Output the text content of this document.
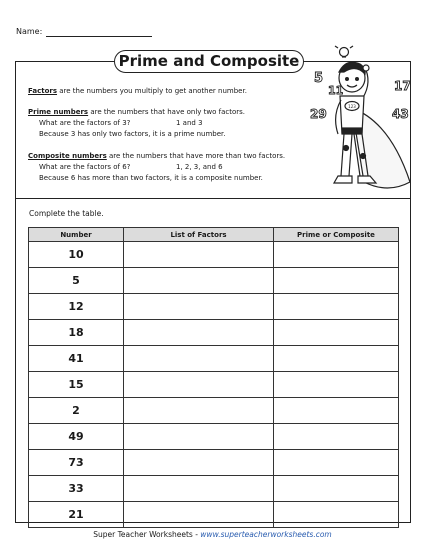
Name:
Prime and Composite
Factors are the numbers you multiply to get another number.
Prime numbers are the numbers that have only two factors.
What are the factors of 3?	1 and 3
Because 3 has only two factors, it is a prime number.
Composite numbers are the numbers that have more than two factors.
What are the factors of 6?	1, 2, 3, and 6
Because 6 has more than two factors, it is a composite number.
5
11	17
29	43
123
Complete the table.
Number	List of Factors	Prime or Composite
10		
5		
12		
18		
41		
15		
2		
49		
73		
33		
21		
Super Teacher Worksheets - www.superteacherworksheets.com
